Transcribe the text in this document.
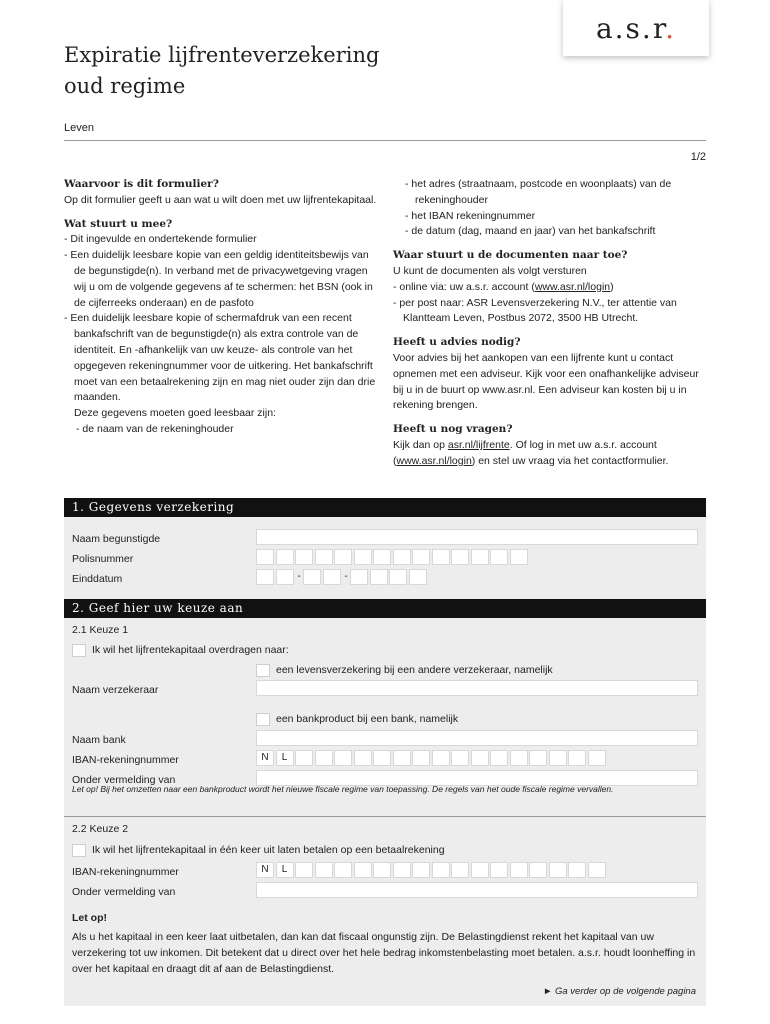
a.s.r.
Expiratie lijfrenteverzekering
oud regime
Leven
1/2
Waarvoor is dit formulier?
Op dit formulier geeft u aan wat u wilt doen met uw lijfrentekapitaal.
Wat stuurt u mee?
- Dit ingevulde en ondertekende formulier
- Een duidelijk leesbare kopie van een geldig identiteitsbewijs van de begunstigde(n). In verband met de privacywetgeving vragen wij u om de volgende gegevens af te schermen: het BSN (ook in de cijferreeks onderaan) en de pasfoto
- Een duidelijk leesbare kopie of schermafdruk van een recent bankafschrift van de begunstigde(n) als extra controle van de identiteit. En -afhankelijk van uw keuze- als controle van het opgegeven rekeningnummer voor de uitkering. Het bankafschrift moet van een betaalrekening zijn en mag niet ouder zijn dan drie maanden.
Deze gegevens moeten goed leesbaar zijn:
- de naam van de rekeninghouder
- het adres (straatnaam, postcode en woonplaats) van de rekeninghouder
- het IBAN rekeningnummer
- de datum (dag, maand en jaar) van het bankafschrift
Waar stuurt u de documenten naar toe?
U kunt de documenten als volgt versturen
- online via: uw a.s.r. account (www.asr.nl/login)
- per post naar: ASR Levensverzekering N.V., ter attentie van Klantteam Leven, Postbus 2072, 3500 HB Utrecht.
Heeft u advies nodig?
Voor advies bij het aankopen van een lijfrente kunt u contact opnemen met een adviseur. Kijk voor een onafhankelijke adviseur bij u in de buurt op www.asr.nl. Een adviseur kan kosten bij u in rekening brengen.
Heeft u nog vragen?
Kijk dan op asr.nl/lijfrente. Of log in met uw a.s.r. account (www.asr.nl/login) en stel uw vraag via het contactformulier.
1. Gegevens verzekering
Naam begunstigde
Polisnummer
Einddatum	-	-
2. Geef hier uw keuze aan
2.1 Keuze 1
Ik wil het lijfrentekapitaal overdragen naar:
een levensverzekering bij een andere verzekeraar, namelijk
Naam verzekeraar
een bankproduct bij een bank, namelijk
Naam bank
IBAN-rekeningnummer	N	L
Onder vermelding van
Let op! Bij het omzetten naar een bankproduct wordt het nieuwe fiscale regime van toepassing. De regels van het oude fiscale regime vervallen.
2.2 Keuze 2
Ik wil het lijfrentekapitaal in één keer uit laten betalen op een betaalrekening
IBAN-rekeningnummer	N	L
Onder vermelding van
Let op!
Als u het kapitaal in een keer laat uitbetalen, dan kan dat fiscaal ongunstig zijn. De Belastingdienst rekent het kapitaal van uw verzekering tot uw inkomen. Dit betekent dat u direct over het hele bedrag inkomstenbelasting moet betalen. a.s.r. houdt loonheffing in over het kapitaal en draagt dit af aan de Belastingdienst.
► Ga verder op de volgende pagina
